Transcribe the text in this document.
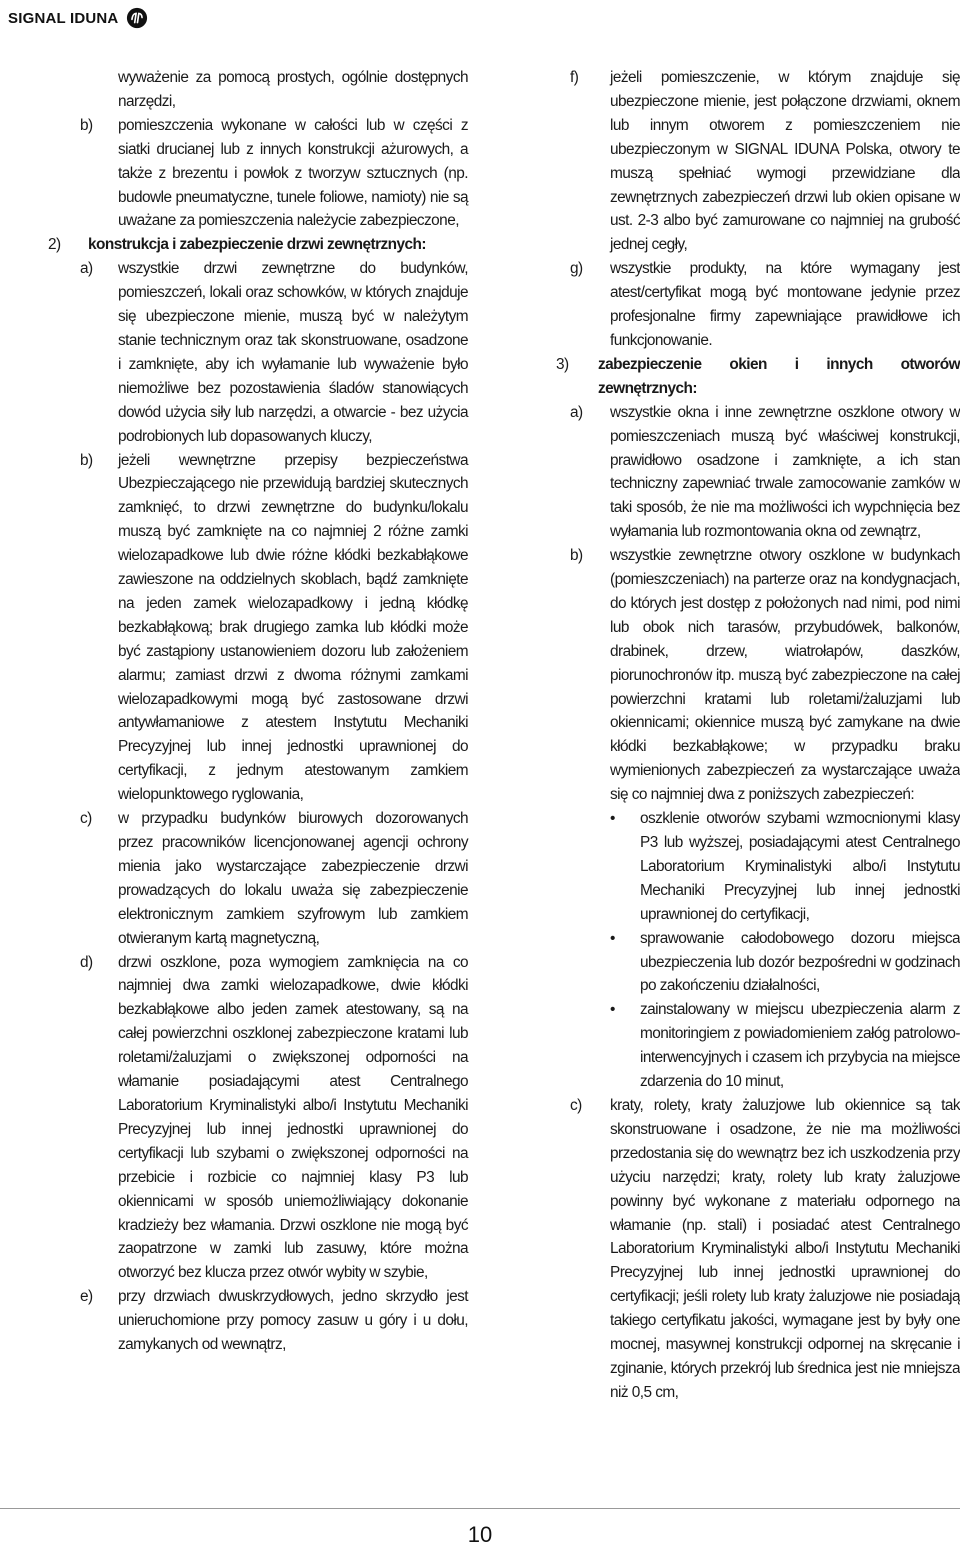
SIGNAL IDUNA
wyważenie za pomocą prostych, ogólnie dostępnych narzędzi,
b)	pomieszczenia wykonane w całości lub w części z siatki drucianej lub z innych konstrukcji ażurowych, a także z brezentu i powłok z tworzyw sztucznych (np. budowle pneumatyczne, tunele foliowe, namioty) nie są uważane za pomieszczenia należycie zabezpieczone,
2)	konstrukcja i zabezpieczenie drzwi zewnętrznych:
a)	wszystkie drzwi zewnętrzne do budynków, pomieszczeń, lokali oraz schowków, w których znajduje się ubezpieczone mienie, muszą być w należytym stanie technicznym oraz tak skonstruowane, osadzone i zamknięte, aby ich wyłamanie lub wyważenie było niemożliwe bez pozostawienia śladów stanowiących dowód użycia siły lub narzędzi, a otwarcie - bez użycia podrobionych lub dopasowanych kluczy,
b)	jeżeli wewnętrzne przepisy bezpieczeństwa Ubezpieczającego nie przewidują bardziej skutecznych zamknięć, to drzwi zewnętrzne do budynku/lokalu muszą być zamknięte na co najmniej 2 różne zamki wielozapadkowe lub dwie różne kłódki bezkabłąkowe zawieszone na oddzielnych skoblach, bądź zamknięte na jeden zamek wielozapadkowy i jedną kłódkę bezkabłąkową; brak drugiego zamka lub kłódki może być zastąpiony ustanowieniem dozoru lub założeniem alarmu; zamiast drzwi z dwoma różnymi zamkami wielozapadkowymi mogą być zastosowane drzwi antywłamaniowe z atestem Instytutu Mechaniki Precyzyjnej lub innej jednostki uprawnionej do certyfikacji, z jednym atestowanym zamkiem wielopunktowego ryglowania,
c)	w przypadku budynków biurowych dozorowanych przez pracowników licencjonowanej agencji ochrony mienia jako wystarczające zabezpieczenie drzwi prowadzących do lokalu uważa się zabezpieczenie elektronicznym zamkiem szyfrowym lub zamkiem otwieranym kartą magnetyczną,
d)	drzwi oszklone, poza wymogiem zamknięcia na co najmniej dwa zamki wielozapadkowe, dwie kłódki bezkabłąkowe albo jeden zamek atestowany, są na całej powierzchni oszklonej zabezpieczone kratami lub roletami/żaluzjami o zwiększonej odporności na włamanie posiadającymi atest Centralnego Laboratorium Kryminalistyki albo/i Instytutu Mechaniki Precyzyjnej lub innej jednostki uprawnionej do certyfikacji lub szybami o zwiększonej odporności na przebicie i rozbicie co najmniej klasy P3 lub okiennicami w sposób uniemożliwiający dokonanie kradzieży bez włamania. Drzwi oszklone nie mogą być zaopatrzone w zamki lub zasuwy, które można otworzyć bez klucza przez otwór wybity w szybie,
e)	przy drzwiach dwuskrzydłowych, jedno skrzydło jest unieruchomione przy pomocy zasuw u góry i u dołu, zamykanych od wewnątrz,
f)	jeżeli pomieszczenie, w którym znajduje się ubezpieczone mienie, jest połączone drzwiami, oknem lub innym otworem z pomieszczeniem nie ubezpieczonym w SIGNAL IDUNA Polska, otwory te muszą spełniać wymogi przewidziane dla zewnętrznych zabezpieczeń drzwi lub okien opisane w ust. 2-3 albo być zamurowane co najmniej na grubość jednej cegły,
g)	wszystkie produkty, na które wymagany jest atest/certyfikat mogą być montowane jedynie przez profesjonalne firmy zapewniające prawidłowe ich funkcjonowanie.
3)	zabezpieczenie okien i innych otworów zewnętrznych:
a)	wszystkie okna i inne zewnętrzne oszklone otwory w pomieszczeniach muszą być właściwej konstrukcji, prawidłowo osadzone i zamknięte, a ich stan techniczny zapewniać trwale zamocowanie zamków w taki sposób, że nie ma możliwości ich wypchnięcia bez wyłamania lub rozmontowania okna od zewnątrz,
b)	wszystkie zewnętrzne otwory oszklone w budynkach (pomieszczeniach) na parterze oraz na kondygnacjach, do których jest dostęp z położonych nad nimi, pod nimi lub obok nich tarasów, przybudówek, balkonów, drabinek, drzew, wiatrołapów, daszków, piorunochronów itp. muszą być zabezpieczone na całej powierzchni kratami lub roletami/żaluzjami lub okiennicami; okiennice muszą być zamykane na dwie kłódki bezkabłąkowe; w przypadku braku wymienionych zabezpieczeń za wystarczające uważa się co najmniej dwa z poniższych zabezpieczeń:
•	oszklenie otworów szybami wzmocnionymi klasy P3 lub wyższej, posiadającymi atest Centralnego Laboratorium Kryminalistyki albo/i Instytutu Mechaniki Precyzyjnej lub innej jednostki uprawnionej do certyfikacji,
•	sprawowanie całodobowego dozoru miejsca ubezpieczenia lub dozór bezpośredni w godzinach po zakończeniu działalności,
•	zainstalowany w miejscu ubezpieczenia alarm z monitoringiem z powiadomieniem załóg patrolowo-interwencyjnych i czasem ich przybycia na miejsce zdarzenia do 10 minut,
c)	kraty, rolety, kraty żaluzjowe lub okiennice są tak skonstruowane i osadzone, że nie ma możliwości przedostania się do wewnątrz bez ich uszkodzenia przy użyciu narzędzi; kraty, rolety lub kraty żaluzjowe powinny być wykonane z materiału odpornego na włamanie (np. stali) i posiadać atest Centralnego Laboratorium Kryminalistyki albo/i Instytutu Mechaniki Precyzyjnej lub innej jednostki uprawnionej do certyfikacji; jeśli rolety lub kraty żaluzjowe nie posiadają takiego certyfikatu jakości, wymagane jest by były one mocnej, masywnej konstrukcji odpornej na skręcanie i zginanie, których przekrój lub średnica jest nie mniejsza niż 0,5 cm,
10
